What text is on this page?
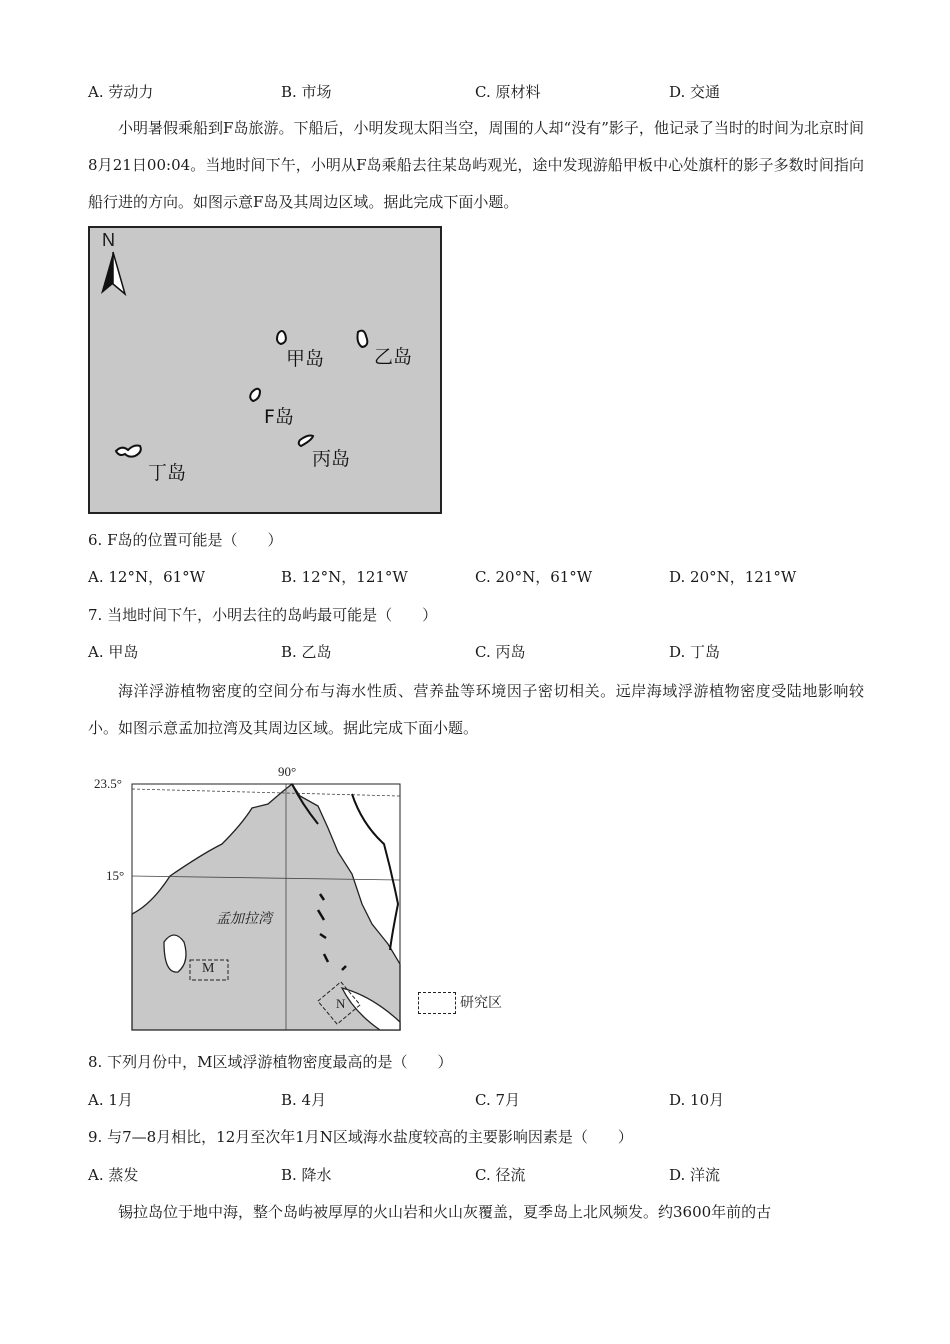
A. 劳动力	B. 市场	C. 原材料	D. 交通
小明暑假乘船到F岛旅游。下船后，小明发现太阳当空，周围的人却“没有”影子，他记录了当时的时间为北京时间8月21日00:04。当地时间下午，小明从F岛乘船去往某岛屿观光，途中发现游船甲板中心处旗杆的影子多数时间指向船行进的方向。如图示意F岛及其周边区域。据此完成下面小题。
N
甲岛	乙岛
F岛
丙岛
丁岛
6. F岛的位置可能是（　　）
A. 12°N，61°W	B. 12°N，121°W	C. 20°N，61°W	D. 20°N，121°W
7. 当地时间下午，小明去往的岛屿最可能是（　　）
A. 甲岛	B. 乙岛	C. 丙岛	D. 丁岛
海洋浮游植物密度的空间分布与海水性质、营养盐等环境因子密切相关。远岸海域浮游植物密度受陆地影响较小。如图示意孟加拉湾及其周边区域。据此完成下面小题。
23.5°
15°
90°
孟加拉湾
M
N	研究区
8. 下列月份中，M区域浮游植物密度最高的是（　　）
A. 1月	B. 4月	C. 7月	D. 10月
9. 与7—8月相比，12月至次年1月N区域海水盐度较高的主要影响因素是（　　）
A. 蒸发	B. 降水	C. 径流	D. 洋流
锡拉岛位于地中海，整个岛屿被厚厚的火山岩和火山灰覆盖，夏季岛上北风频发。约3600年前的古
